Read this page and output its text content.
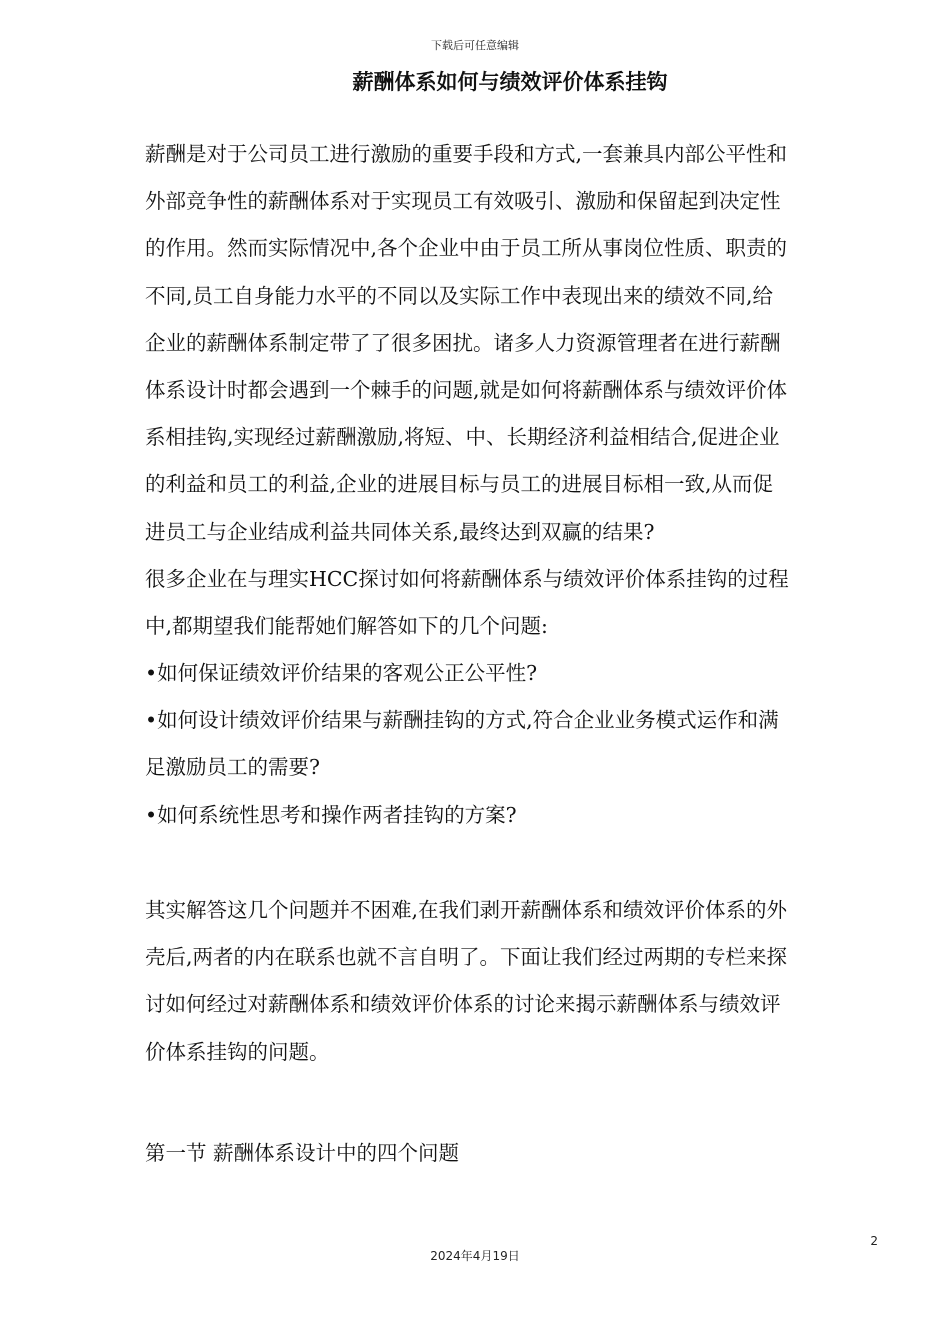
下载后可任意编辑
薪酬体系如何与绩效评价体系挂钩
薪酬是对于公司员工进行激励的重要手段和方式,一套兼具内部公平性和
外部竞争性的薪酬体系对于实现员工有效吸引、激励和保留起到决定性
的作用。然而实际情况中,各个企业中由于员工所从事岗位性质、职责的
不同,员工自身能力水平的不同以及实际工作中表现出来的绩效不同,给
企业的薪酬体系制定带了了很多困扰。诸多人力资源管理者在进行薪酬
体系设计时都会遇到一个棘手的问题,就是如何将薪酬体系与绩效评价体
系相挂钩,实现经过薪酬激励,将短、中、长期经济利益相结合,促进企业
的利益和员工的利益,企业的进展目标与员工的进展目标相一致,从而促
进员工与企业结成利益共同体关系,最终达到双赢的结果?
很多企业在与理实HCC探讨如何将薪酬体系与绩效评价体系挂钩的过程
中,都期望我们能帮她们解答如下的几个问题:
•如何保证绩效评价结果的客观公正公平性?
•如何设计绩效评价结果与薪酬挂钩的方式,符合企业业务模式运作和满
足激励员工的需要?
•如何系统性思考和操作两者挂钩的方案?
其实解答这几个问题并不困难,在我们剥开薪酬体系和绩效评价体系的外
壳后,两者的内在联系也就不言自明了。下面让我们经过两期的专栏来探
讨如何经过对薪酬体系和绩效评价体系的讨论来揭示薪酬体系与绩效评
价体系挂钩的问题。
第一节 薪酬体系设计中的四个问题
2
2024年4月19日
